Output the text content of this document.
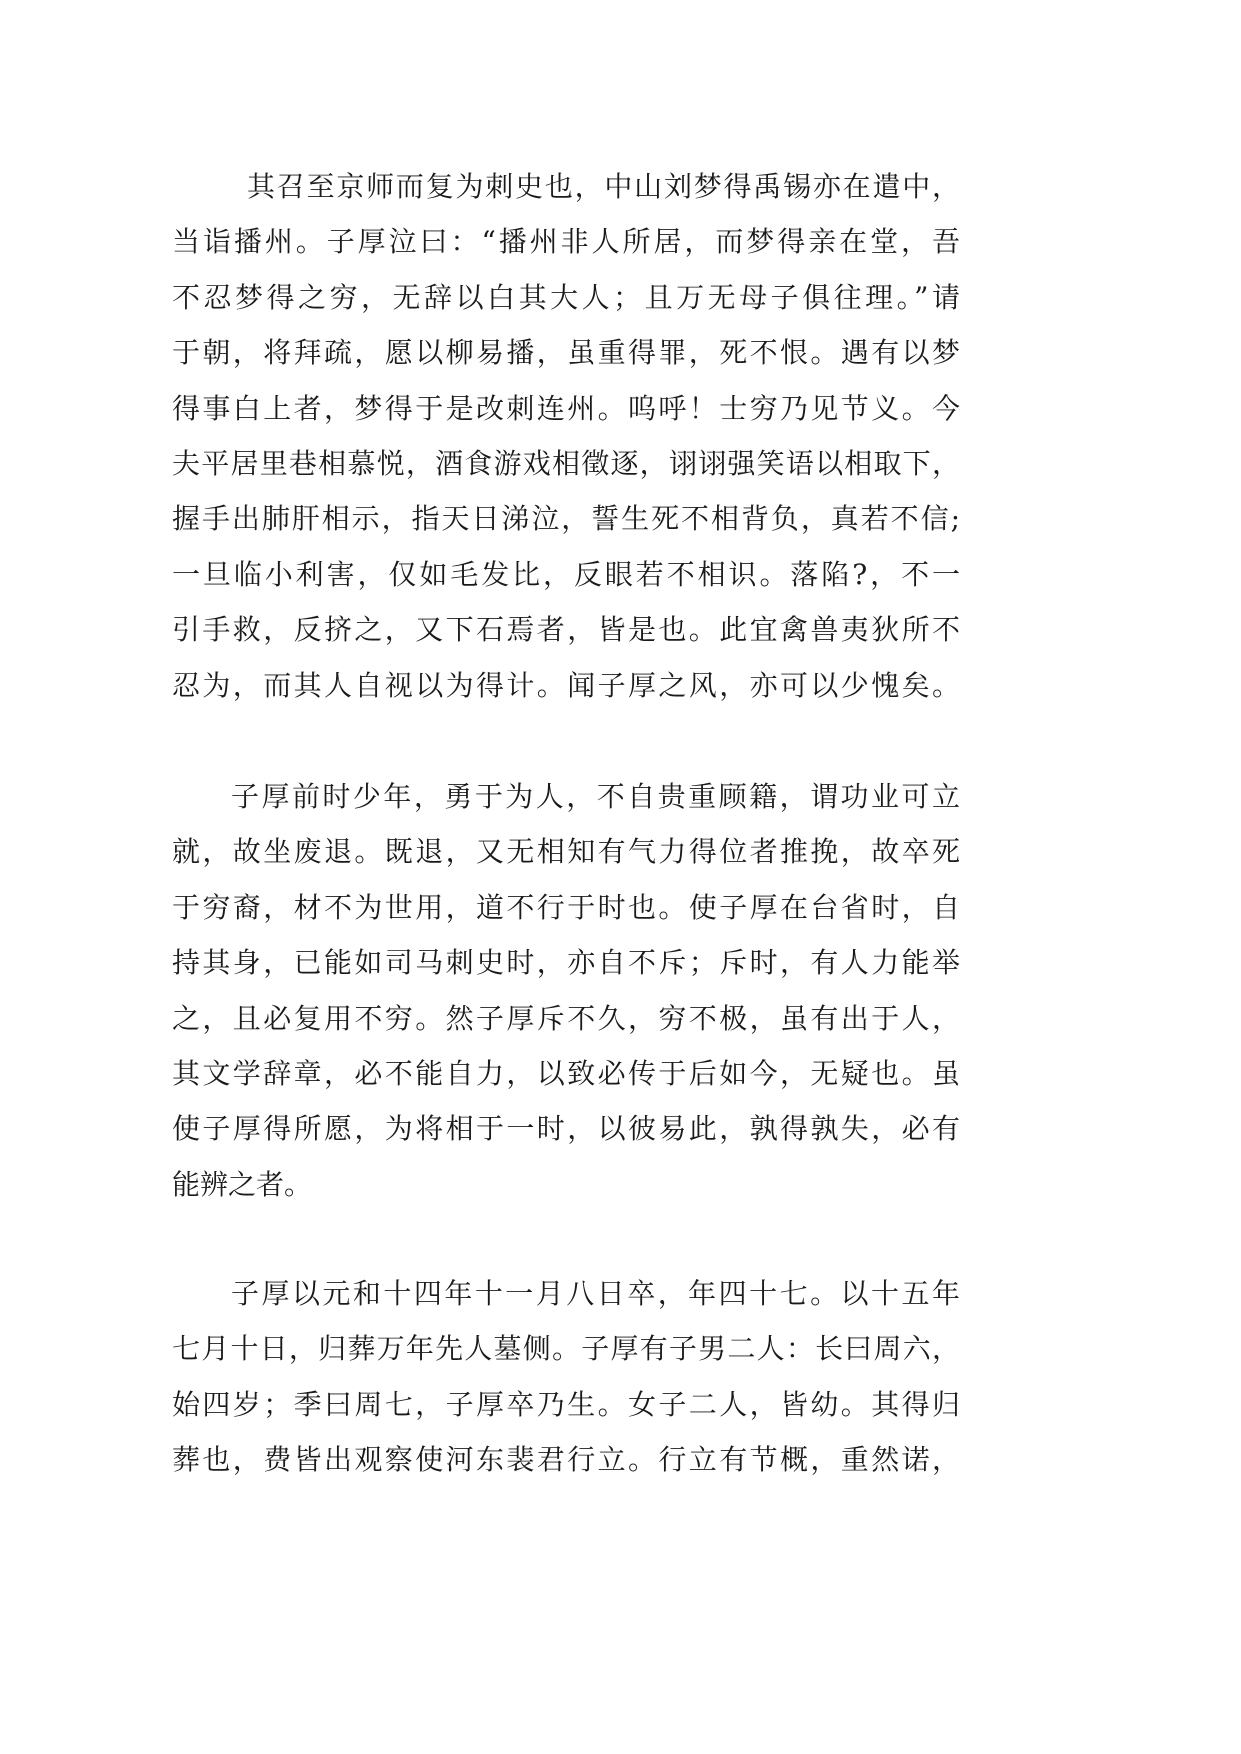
其召至京师而复为刺史也，中山刘梦得禹锡亦在遣中，
当诣播州。子厚泣曰：“播州非人所居，而梦得亲在堂，吾
不忍梦得之穷，无辞以白其大人；且万无母子俱往理。”请
于朝，将拜疏，愿以柳易播，虽重得罪，死不恨。遇有以梦
得事白上者，梦得于是改刺连州。呜呼！士穷乃见节义。今
夫平居里巷相慕悦，酒食游戏相徵逐，诩诩强笑语以相取下，
握手出肺肝相示，指天日涕泣，誓生死不相背负，真若不信;
一旦临小利害，仅如毛发比，反眼若不相识。落陷?，不一
引手救，反挤之，又下石焉者，皆是也。此宜禽兽夷狄所不
忍为，而其人自视以为得计。闻子厚之风，亦可以少愧矣。
子厚前时少年，勇于为人，不自贵重顾籍，谓功业可立
就，故坐废退。既退，又无相知有气力得位者推挽，故卒死
于穷裔，材不为世用，道不行于时也。使子厚在台省时，自
持其身，已能如司马刺史时，亦自不斥；斥时，有人力能举
之，且必复用不穷。然子厚斥不久，穷不极，虽有出于人，
其文学辞章，必不能自力，以致必传于后如今，无疑也。虽
使子厚得所愿，为将相于一时，以彼易此，孰得孰失，必有
能辨之者。
子厚以元和十四年十一月八日卒，年四十七。以十五年
七月十日，归葬万年先人墓侧。子厚有子男二人：长曰周六，
始四岁；季曰周七，子厚卒乃生。女子二人，皆幼。其得归
葬也，费皆出观察使河东裴君行立。行立有节概，重然诺，
